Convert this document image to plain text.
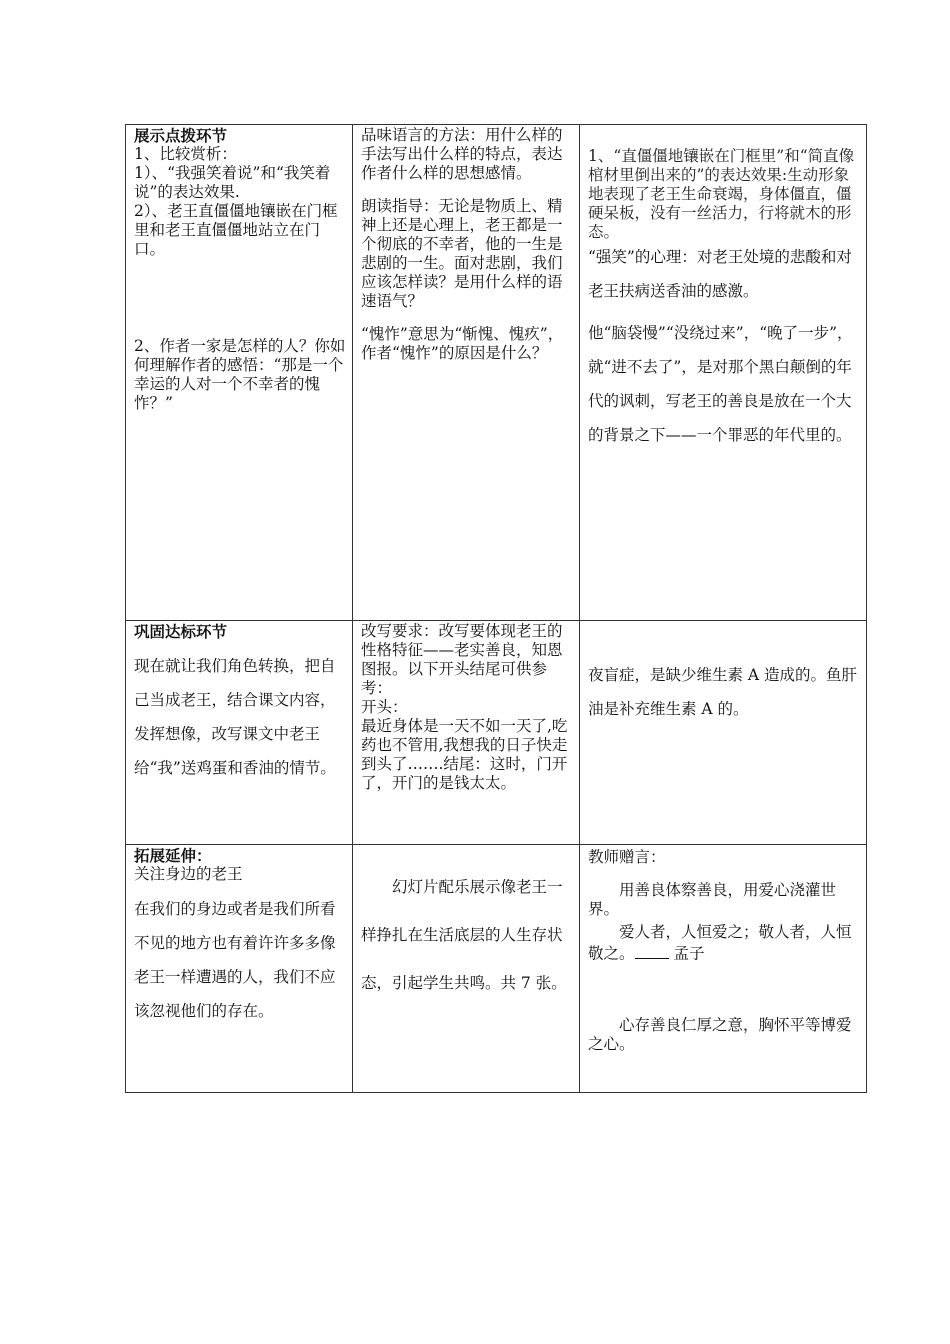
展示点拨环节

1、比较赏析：

1）、“我强笑着说”和“我笑着说”的表达效果.

2）、老王直僵僵地镶嵌在门框里和老王直僵僵地站立在门口。

2、作者一家是怎样的人？你如何理解作者的感悟：“那是一个幸运的人对一个不幸者的愧怍？”

品味语言的方法：用什么样的手法写出什么样的特点，表达作者什么样的思想感情。

朗读指导：无论是物质上、精神上还是心理上，老王都是一个彻底的不幸者，他的一生是悲剧的一生。面对悲剧，我们应该怎样读？是用什么样的语速语气？

“愧怍”意思为“惭愧、愧疚”，作者“愧怍”的原因是什么？

1、“直僵僵地镶嵌在门框里”和“简直像棺材里倒出来的”的表达效果:生动形象地表现了老王生命衰竭，身体僵直，僵硬呆板，没有一丝活力，行将就木的形态。

“强笑”的心理：对老王处境的悲酸和对老王扶病送香油的感激。

他“脑袋慢”“没绕过来”，“晚了一步”，就“进不去了”，是对那个黑白颠倒的年代的讽刺，写老王的善良是放在一个大的背景之下——一个罪恶的年代里的。

巩固达标环节

现在就让我们角色转换，把自己当成老王，结合课文内容，发挥想像，改写课文中老王给“我”送鸡蛋和香油的情节。

改写要求：改写要体现老王的性格特征——老实善良，知恩图报。以下开头结尾可供参考：

开头：

最近身体是一天不如一天了,吃药也不管用,我想我的日子快走到头了…….结尾：这时，门开了，开门的是钱太太。

夜盲症，是缺少维生素 A 造成的。鱼肝油是补充维生素 A 的。

拓展延伸：

关注身边的老王

在我们的身边或者是我们所看不见的地方也有着许许多多像老王一样遭遇的人，我们不应该忽视他们的存在。

幻灯片配乐展示像老王一样挣扎在生活底层的人生存状态，引起学生共鸣。共 7 张。

教师赠言：

用善良体察善良，用爱心浇灌世界。

爱人者，人恒爱之；敬人者，人恒敬之。	孟子

心存善良仁厚之意，胸怀平等博爱之心。
